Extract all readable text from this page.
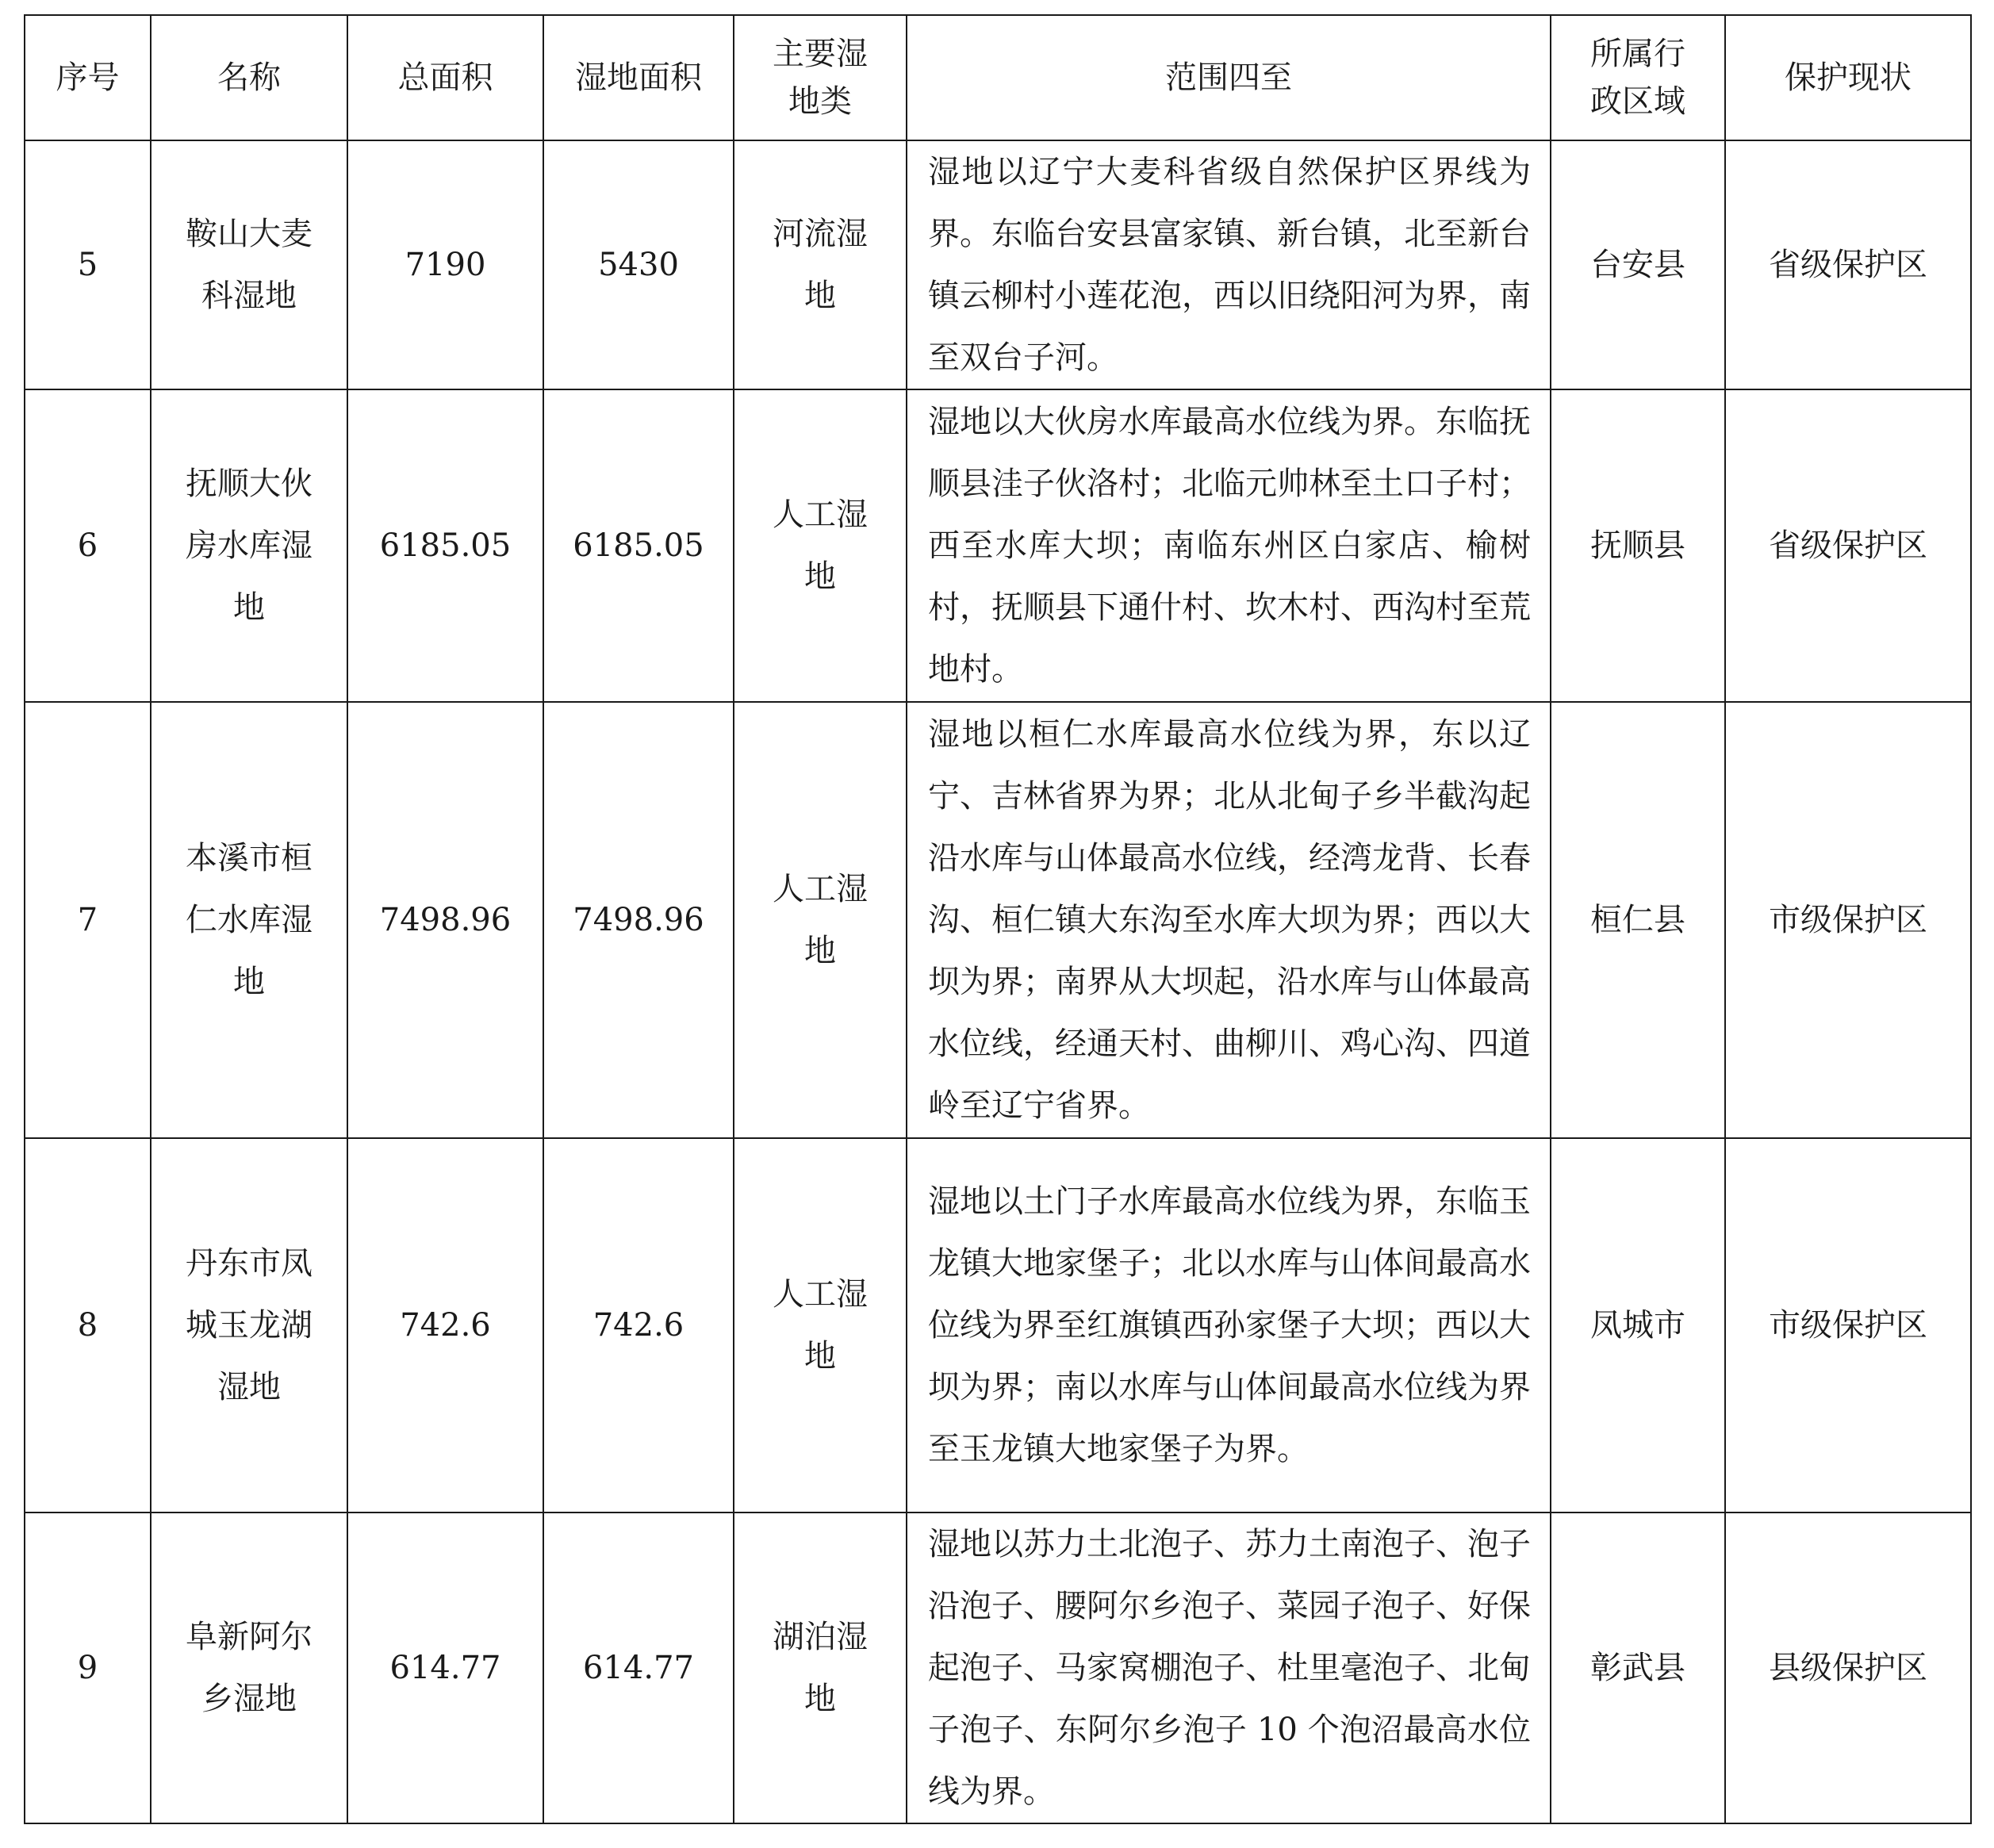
序号	名称	总面积	湿地面积	主要湿地类	范围四至	所属行政区域	保护现状
5	鞍山大麦科湿地	7190	5430	河流湿地	湿地以辽宁大麦科省级自然保护区界线为界。东临台安县富家镇、新台镇，北至新台镇云柳村小莲花泡，西以旧绕阳河为界，南至双台子河。	台安县	省级保护区
6	抚顺大伙房水库湿地	6185.05	6185.05	人工湿地	湿地以大伙房水库最高水位线为界。东临抚顺县洼子伙洛村；北临元帅林至土口子村；西至水库大坝；南临东州区白家店、榆树村，抚顺县下通什村、坎木村、西沟村至荒地村。	抚顺县	省级保护区
7	本溪市桓仁水库湿地	7498.96	7498.96	人工湿地	湿地以桓仁水库最高水位线为界，东以辽宁、吉林省界为界；北从北甸子乡半截沟起沿水库与山体最高水位线，经湾龙背、长春沟、桓仁镇大东沟至水库大坝为界；西以大坝为界；南界从大坝起，沿水库与山体最高水位线，经通天村、曲柳川、鸡心沟、四道岭至辽宁省界。	桓仁县	市级保护区
8	丹东市凤城玉龙湖湿地	742.6	742.6	人工湿地	湿地以土门子水库最高水位线为界，东临玉龙镇大地家堡子；北以水库与山体间最高水位线为界至红旗镇西孙家堡子大坝；西以大坝为界；南以水库与山体间最高水位线为界至玉龙镇大地家堡子为界。	凤城市	市级保护区
9	阜新阿尔乡湿地	614.77	614.77	湖泊湿地	湿地以苏力土北泡子、苏力土南泡子、泡子沿泡子、腰阿尔乡泡子、菜园子泡子、好保起泡子、马家窝棚泡子、杜里毫泡子、北甸子泡子、东阿尔乡泡子 10 个泡沼最高水位线为界。	彰武县	县级保护区
